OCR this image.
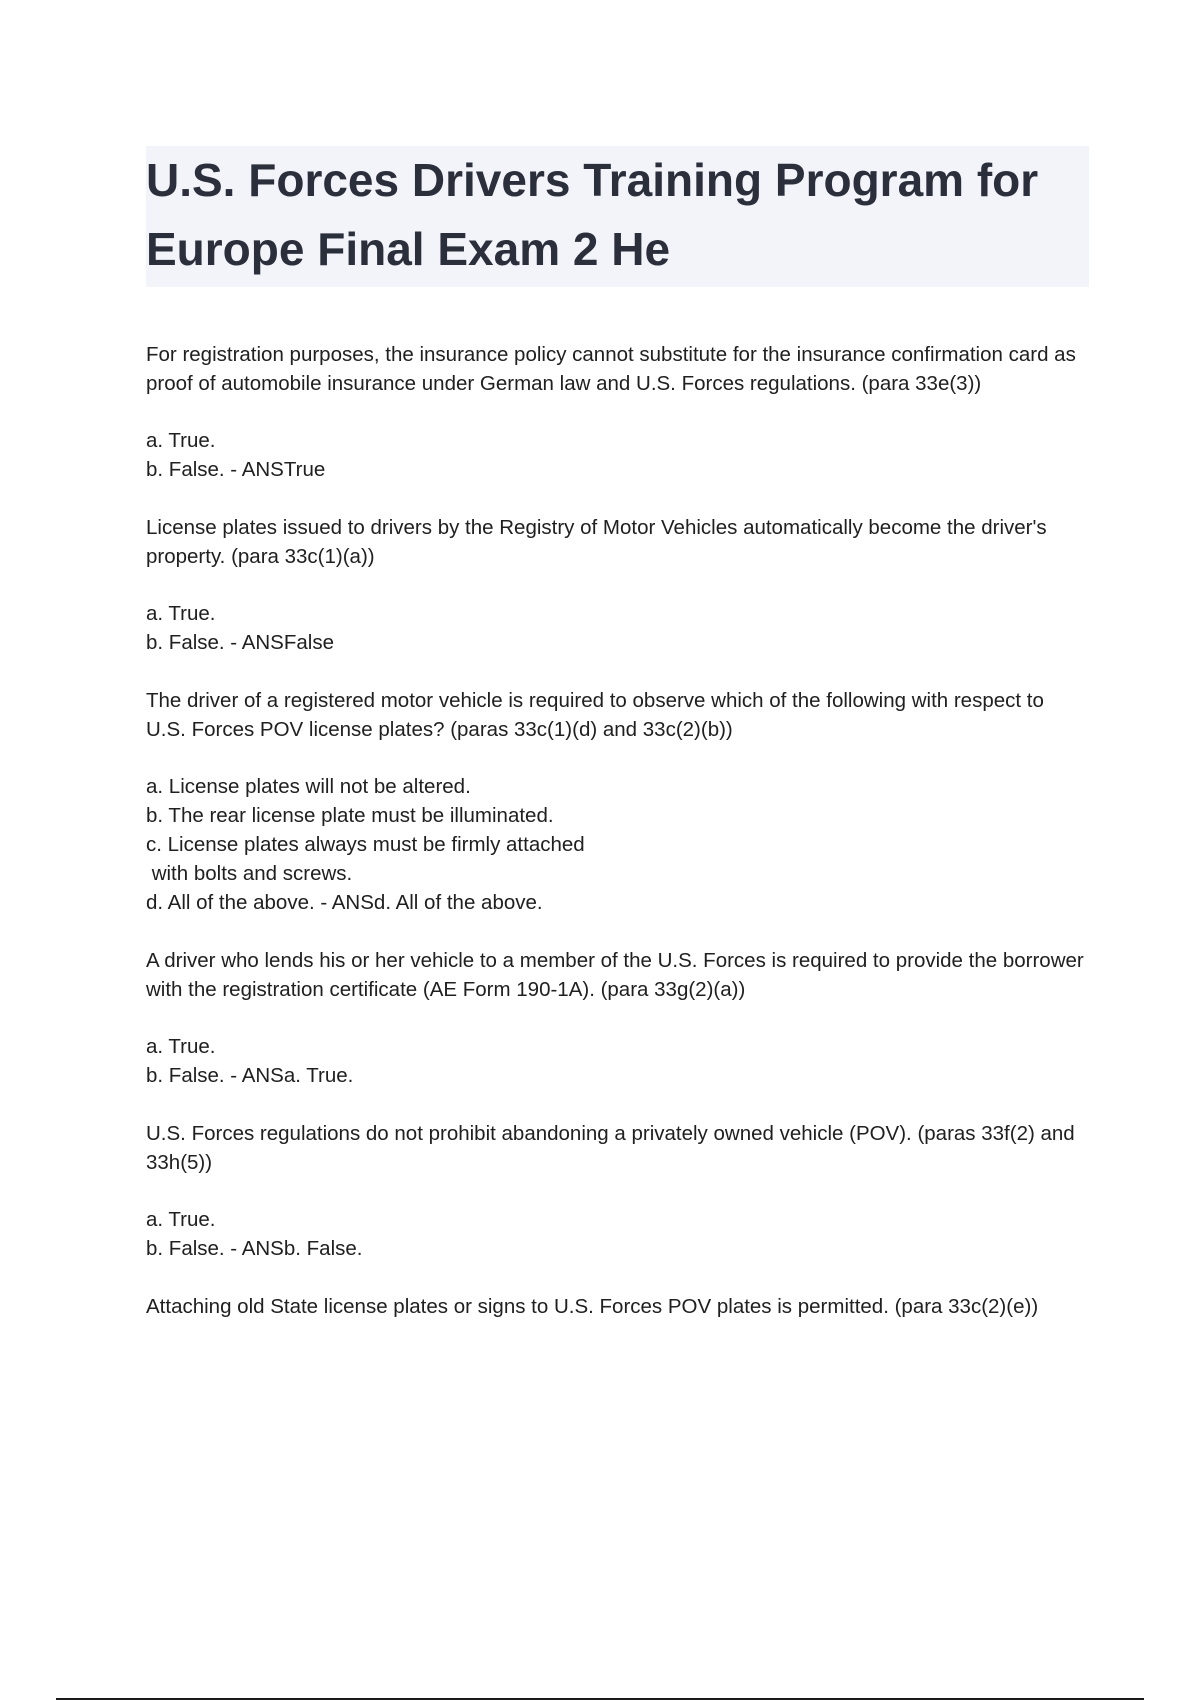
U.S. Forces Drivers Training Program for Europe Final Exam 2 He

For registration purposes, the insurance policy cannot substitute for the insurance confirmation card as proof of automobile insurance under German law and U.S. Forces regulations. (para 33e(3))

a. True.
b. False. - ANSTrue

License plates issued to drivers by the Registry of Motor Vehicles automatically become the driver's property. (para 33c(1)(a))

a. True.
b. False. - ANSFalse

The driver of a registered motor vehicle is required to observe which of the following with respect to U.S. Forces POV license plates? (paras 33c(1)(d) and 33c(2)(b))

a. License plates will not be altered.
b. The rear license plate must be illuminated.
c. License plates always must be firmly attached
with bolts and screws.
d. All of the above. - ANSd. All of the above.

A driver who lends his or her vehicle to a member of the U.S. Forces is required to provide the borrower with the registration certificate (AE Form 190-1A). (para 33g(2)(a))

a. True.
b. False. - ANSa. True.

U.S. Forces regulations do not prohibit abandoning a privately owned vehicle (POV). (paras 33f(2) and 33h(5))

a. True.
b. False. - ANSb. False.

Attaching old State license plates or signs to U.S. Forces POV plates is permitted. (para 33c(2)(e))
